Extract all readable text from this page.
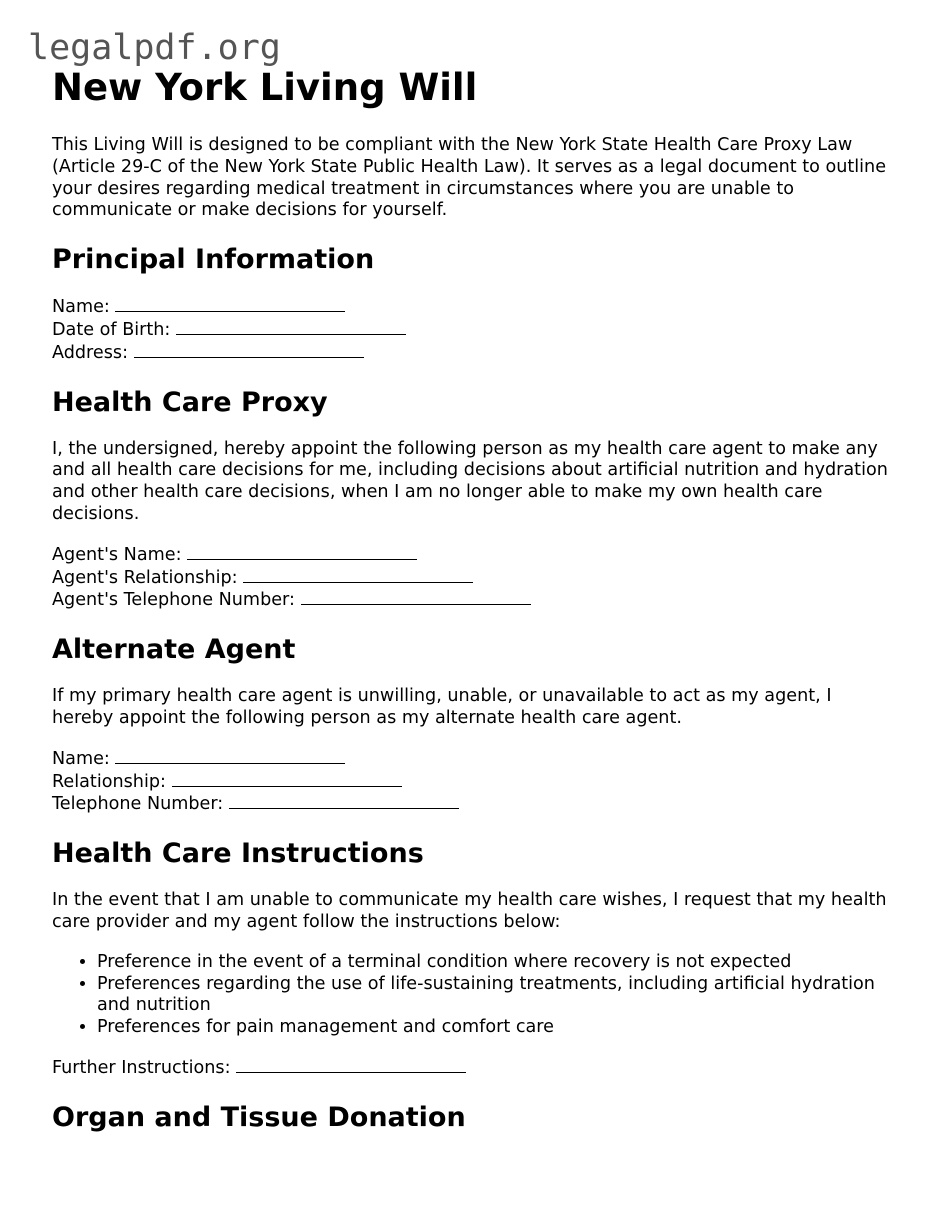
legalpdf.org
New York Living Will

This Living Will is designed to be compliant with the New York State Health Care Proxy Law (Article 29-C of the New York State Public Health Law). It serves as a legal document to outline your desires regarding medical treatment in circumstances where you are unable to communicate or make decisions for yourself.

Principal Information
Name:
Date of Birth:
Address:
Health Care Proxy

I, the undersigned, hereby appoint the following person as my health care agent to make any and all health care decisions for me, including decisions about artificial nutrition and hydration and other health care decisions, when I am no longer able to make my own health care decisions.

Agent's Name:
Agent's Relationship:
Agent's Telephone Number:
Alternate Agent

If my primary health care agent is unwilling, unable, or unavailable to act as my agent, I hereby appoint the following person as my alternate health care agent.

Name:
Relationship:
Telephone Number:
Health Care Instructions

In the event that I am unable to communicate my health care wishes, I request that my health care provider and my agent follow the instructions below:

• Preference in the event of a terminal condition where recovery is not expected
• Preferences regarding the use of life-sustaining treatments, including artificial hydration and nutrition
• Preferences for pain management and comfort care
Further Instructions:
Organ and Tissue Donation
